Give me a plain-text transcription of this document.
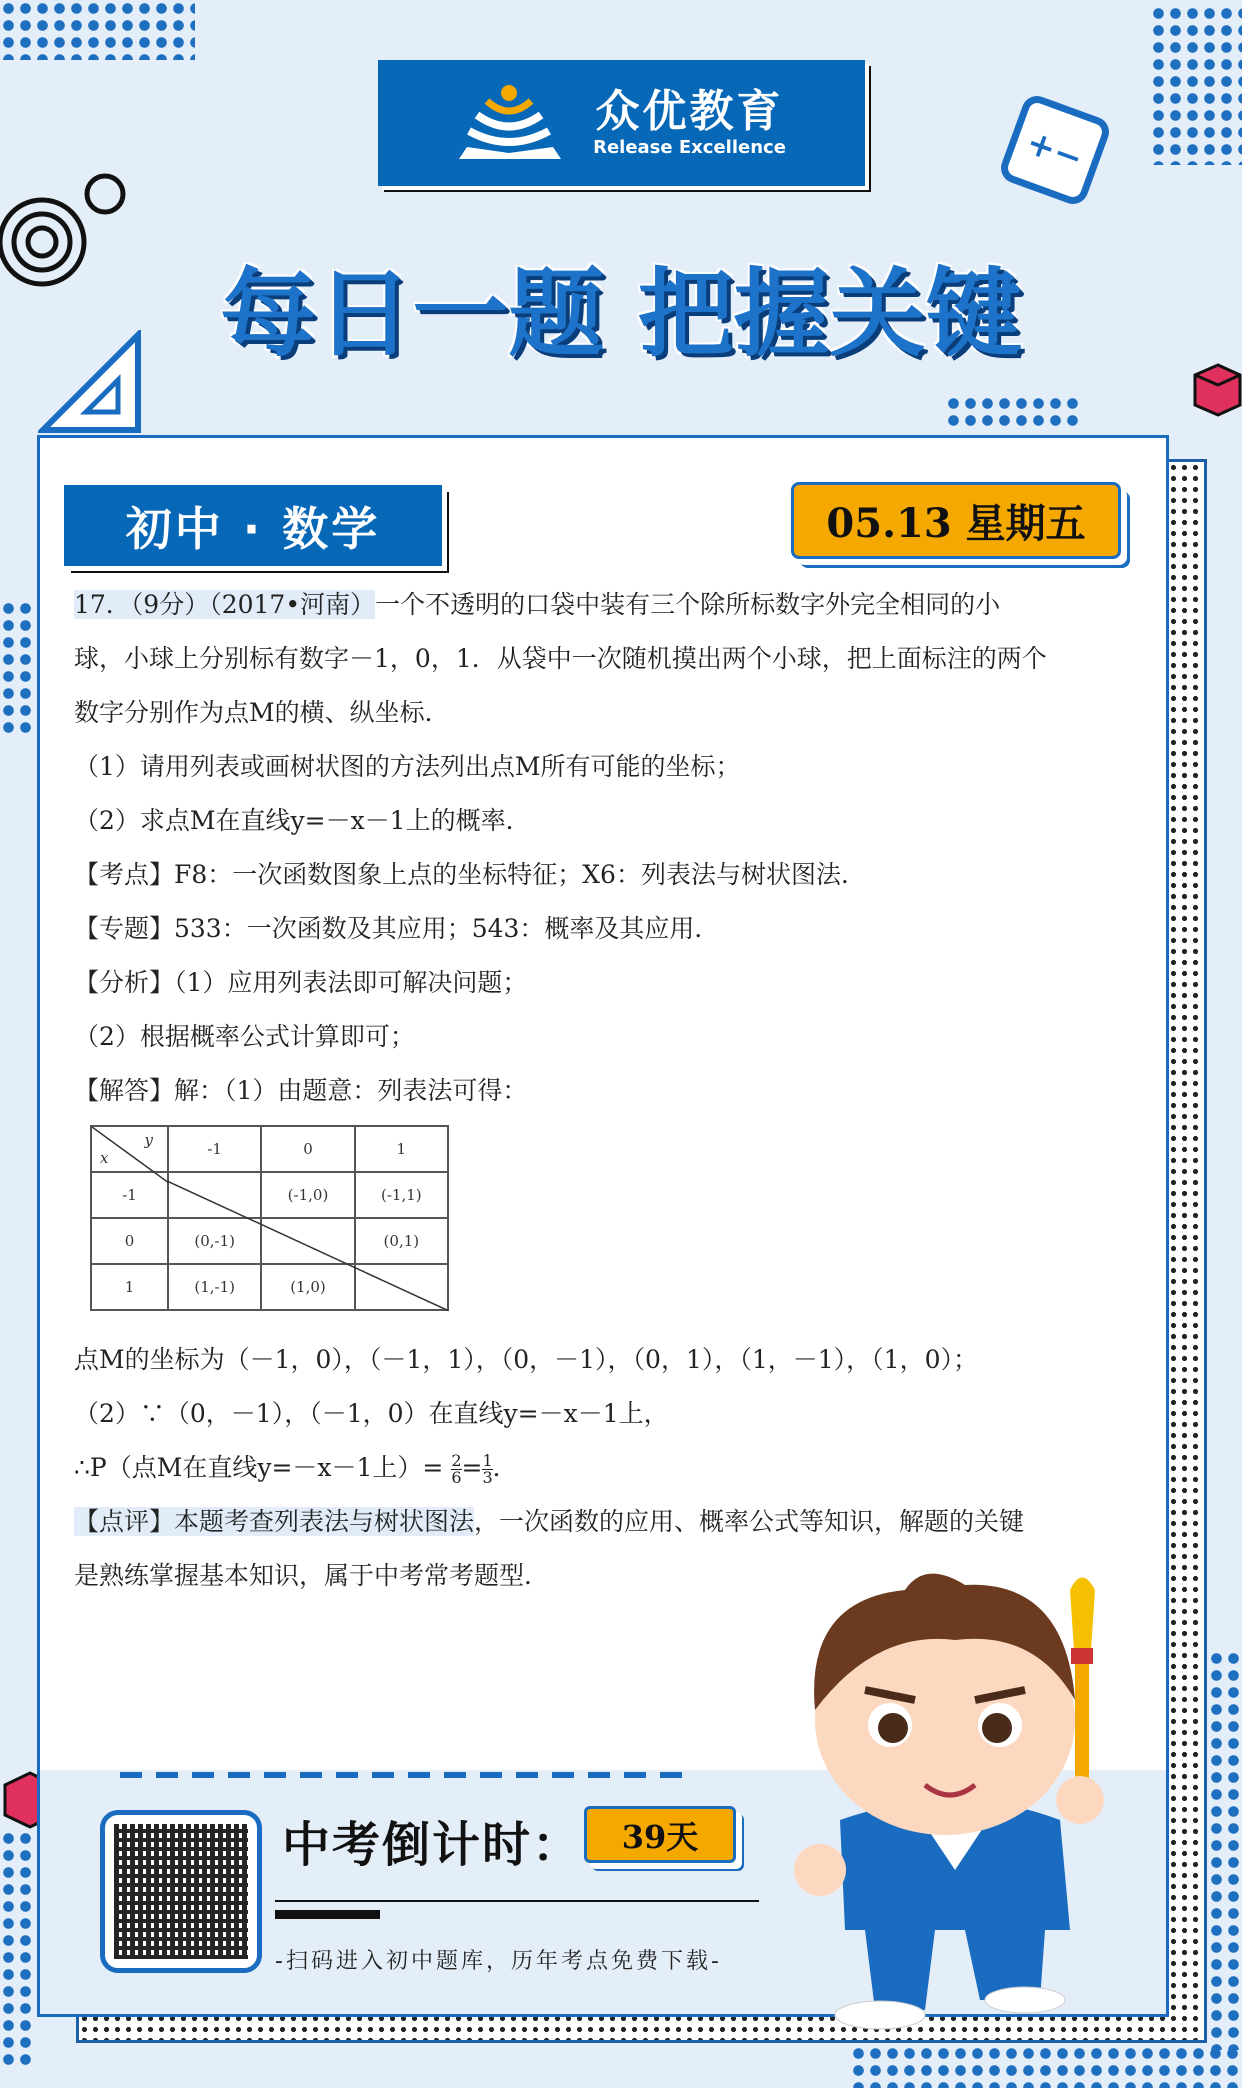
+−
众优教育
Release Excellence
每日一题 把握关键
初中 · 数学	05.13 星期五
17．（9分）（2017•河南）一个不透明的口袋中装有三个除所标数字外完全相同的小
球，小球上分别标有数字－1，0，1．从袋中一次随机摸出两个小球，把上面标注的两个
数字分别作为点M的横、纵坐标．
（1）请用列表或画树状图的方法列出点M所有可能的坐标；
（2）求点M在直线y=－x－1上的概率．
【考点】F8：一次函数图象上点的坐标特征；X6：列表法与树状图法．
【专题】533：一次函数及其应用；543：概率及其应用．
【分析】（1）应用列表法即可解决问题；
（2）根据概率公式计算即可；
【解答】解：（1）由题意：列表法可得：
y
x	-1	0	1
-1		(-1,0)	(-1,1)
0	(0,-1)		(0,1)
1	(1,-1)	(1,0)	
点M的坐标为（－1，0），（－1，1），（0，－1），（0，1），（1，－1），（1，0）；
（2）∵（0，－1），（－1，0）在直线y=－x－1上，
∴P（点M在直线y=－x－1上）= $\frac{2}{6} = \frac{1}{3}$ ．
【点评】本题考查列表法与树状图法，一次函数的应用、概率公式等知识，解题的关键
是熟练掌握基本知识，属于中考常考题型．
中考倒计时：	39天
-扫码进入初中题库，历年考点免费下载-
